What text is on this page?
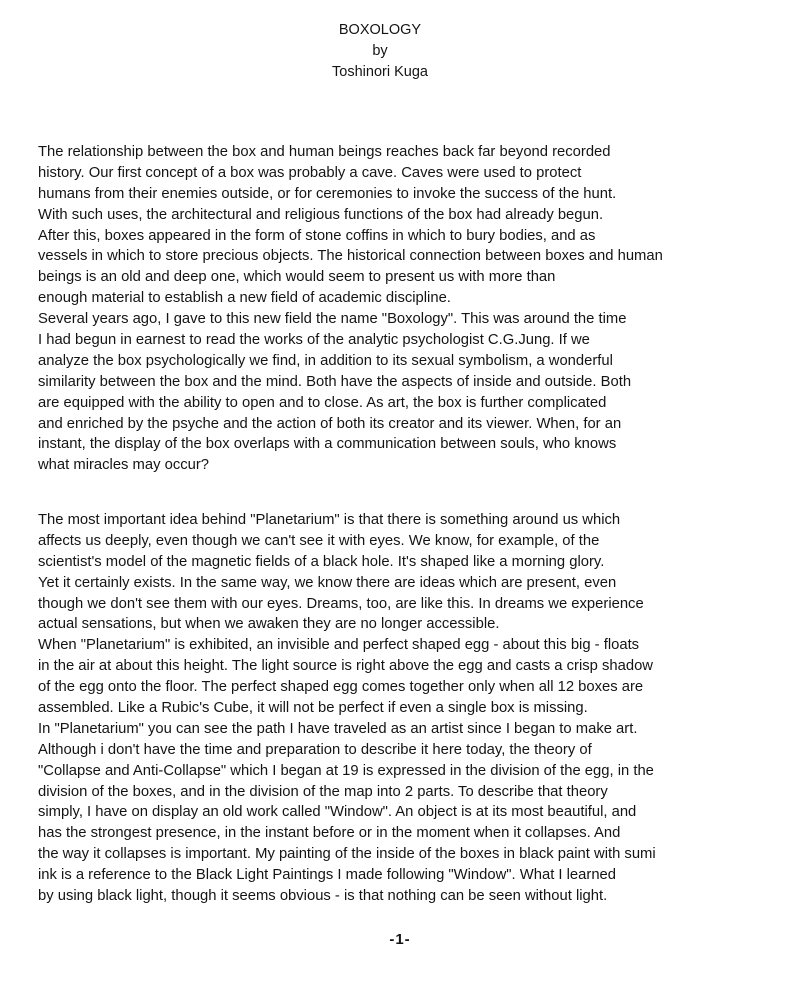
BOXOLOGY
by
Toshinori Kuga
The relationship between the box and human beings reaches back far beyond recorded
history. Our first concept of a box was probably a cave. Caves were used to protect
humans from their enemies outside, or for ceremonies to invoke the success of the hunt.
With such uses, the architectural and religious functions of the box had already begun.
After this, boxes appeared in the form of stone coffins in which to bury bodies, and as
vessels in which to store precious objects. The historical connection between boxes and human
beings is an old and deep one, which would seem to present us with more than
enough material to establish a new field of academic discipline.
Several years ago, I gave to this new field the name "Boxology". This was around the time
I had begun in earnest to read the works of the analytic psychologist C.G.Jung. If we
analyze the box psychologically we find, in addition to its sexual symbolism, a wonderful
similarity between the box and the mind. Both have the aspects of inside and outside. Both
are equipped with the ability to open and to close. As art, the box is further complicated
and enriched by the psyche and the action of both its creator and its viewer. When, for an
instant, the display of the box overlaps with a communication between souls, who knows
what miracles may occur?
The most important idea behind "Planetarium" is that there is something around us which
affects us deeply, even though we can't see it with eyes. We know, for example, of the
scientist's model of the magnetic fields of a black hole. It's shaped like a morning glory.
Yet it certainly exists. In the same way, we know there are ideas which are present, even
though we don't see them with our eyes. Dreams, too, are like this. In dreams we experience
actual sensations, but when we awaken they are no longer accessible.
When "Planetarium" is exhibited, an invisible and perfect shaped egg - about this big - floats
in the air at about this height. The light source is right above the egg and casts a crisp shadow
of the egg onto the floor. The perfect shaped egg comes together only when all 12 boxes are
assembled. Like a Rubic's Cube, it will not be perfect if even a single box is missing.
In "Planetarium" you can see the path I have traveled as an artist since I began to make art.
Although i don't have the time and preparation to describe it here today, the theory of
"Collapse and Anti-Collapse" which I began at 19 is expressed in the division of the egg, in the
division of the boxes, and in the division of the map into 2 parts. To describe that theory
simply, I have on display an old work called "Window". An object is at its most beautiful, and
has the strongest presence, in the instant before or in the moment when it collapses. And
the way it collapses is important. My painting of the inside of the boxes in black paint with sumi
ink is a reference to the Black Light Paintings I made following "Window". What I learned
by using black light, though it seems obvious - is that nothing can be seen without light.
-1-
